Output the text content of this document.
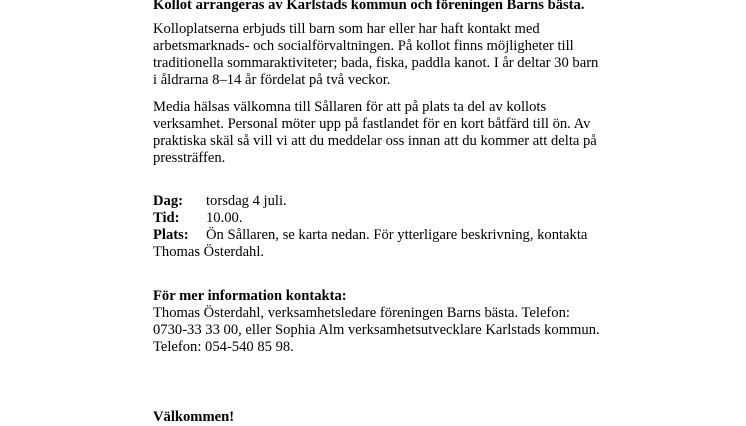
Kollot arrangeras av Karlstads kommun och föreningen Barns bästa.

Kolloplatserna erbjuds till barn som har eller har haft kontakt med
arbetsmarknads- och socialförvaltningen. På kollot finns möjligheter till
traditionella sommaraktiviteter; bada, fiska, paddla kanot. I år deltar 30 barn
i åldrarna 8–14 år fördelat på två veckor.

Media hälsas välkomna till Sållaren för att på plats ta del av kollots
verksamhet. Personal möter upp på fastlandet för en kort båtfärd till ön. Av
praktiska skäl så vill vi att du meddelar oss innan att du kommer att delta på
pressträffen.

Dag: torsdag 4 juli.
Tid: 10.00.
Plats: Ön Sållaren, se karta nedan. För ytterligare beskrivning, kontakta
Thomas Österdahl.

För mer information kontakta:

Thomas Österdahl, verksamhetsledare föreningen Barns bästa. Telefon:
0730-33 33 00, eller Sophia Alm verksamhetsutvecklare Karlstads kommun.
Telefon: 054-540 85 98.

Välkommen!
